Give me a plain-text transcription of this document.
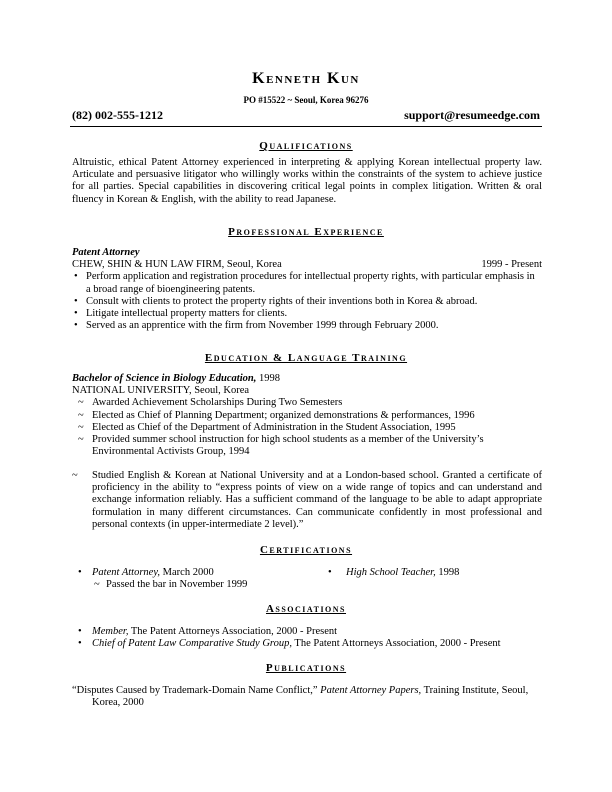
Kenneth Kun
PO #15522 ~ Seoul, Korea 96276
(82) 002-555-1212	support@resumeedge.com
Qualifications
Altruistic, ethical Patent Attorney experienced in interpreting & applying Korean intellectual property law. Articulate and persuasive litigator who willingly works within the constraints of the system to achieve justice for all parties. Special capabilities in discovering critical legal points in complex litigation. Written & oral fluency in Korean & English, with the ability to read Japanese.
Professional Experience
Patent Attorney
CHEW, SHIN & HUN LAW FIRM, Seoul, Korea	1999 - Present
• Perform application and registration procedures for intellectual property rights, with particular emphasis in a broad range of bioengineering patents.
• Consult with clients to protect the property rights of their inventions both in Korea & abroad.
• Litigate intellectual property matters for clients.
• Served as an apprentice with the firm from November 1999 through February 2000.
Education & Language Training
Bachelor of Science in Biology Education, 1998
NATIONAL UNIVERSITY, Seoul, Korea
~ Awarded Achievement Scholarships During Two Semesters
~ Elected as Chief of Planning Department; organized demonstrations & performances, 1996
~ Elected as Chief of the Department of Administration in the Student Association, 1995
~ Provided summer school instruction for high school students as a member of the University’s Environmental Activists Group, 1994
~ Studied English & Korean at National University and at a London-based school. Granted a certificate of proficiency in the ability to “express points of view on a wide range of topics and can understand and exchange information reliably. Has a sufficient command of the language to be able to adapt appropriate formulation in many different circumstances. Can communicate confidently in most professional and personal contexts (in upper-intermediate 2 level).”
Certifications
• Patent Attorney, March 2000
~ Passed the bar in November 1999
• High School Teacher, 1998
Associations
• Member, The Patent Attorneys Association, 2000 - Present
• Chief of Patent Law Comparative Study Group, The Patent Attorneys Association, 2000 - Present
Publications
“Disputes Caused by Trademark-Domain Name Conflict,” Patent Attorney Papers, Training Institute, Seoul, Korea, 2000
